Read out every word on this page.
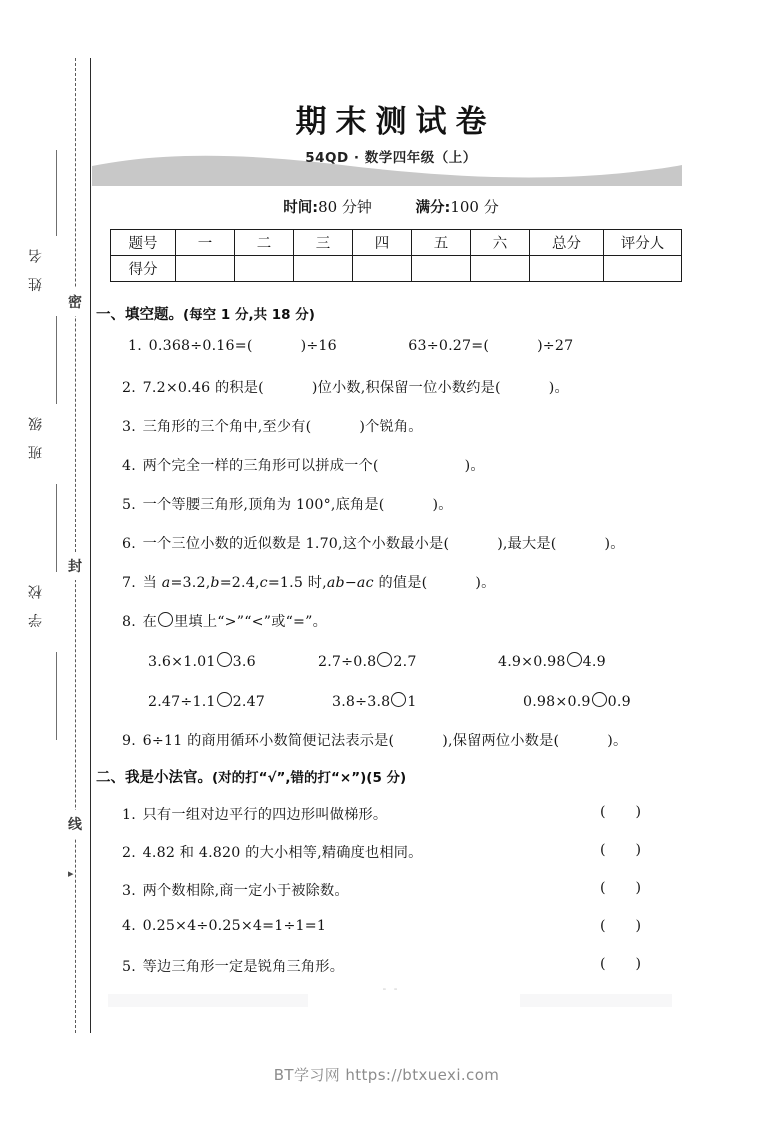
姓 名
班 级
学 校
密
封
线
▸
期末测试卷
54QD · 数学四年级（上）
时间:80 分钟	满分:100 分
题号	一	二	三	四	五	六	总分	评分人
得分								
一、填空题。(每空 1 分,共 18 分)
1. 0.368÷0.16=(	)÷16	63÷0.27=(	)÷27
2. 7.2×0.46 的积是(	)位小数,积保留一位小数约是(	)。
3. 三角形的三个角中,至少有(	)个锐角。
4. 两个完全一样的三角形可以拼成一个(	)。
5. 一个等腰三角形,顶角为 100°,底角是(	)。
6. 一个三位小数的近似数是 1.70,这个小数最小是(	),最大是(	)。
7. 当 a=3.2,b=2.4,c=1.5 时,ab−ac 的值是(	)。
8. 在 里填上“>”“<”或“=”。
3.6×1.01 3.6	2.7÷0.8 2.7	4.9×0.98 4.9
2.47÷1.1 2.47	3.8÷3.8 1	0.98×0.9 0.9
9. 6÷11 的商用循环小数简便记法表示是(	),保留两位小数是(	)。
二、我是小法官。(对的打“√”,错的打“×”)(5 分)
1. 只有一组对边平行的四边形叫做梯形。	( )
2. 4.82 和 4.820 的大小相等,精确度也相同。	( )
3. 两个数相除,商一定小于被除数。	( )
4. 0.25×4÷0.25×4=1÷1=1	( )
5. 等边三角形一定是锐角三角形。	( )
- -
BT学习网 https://btxuexi.com
